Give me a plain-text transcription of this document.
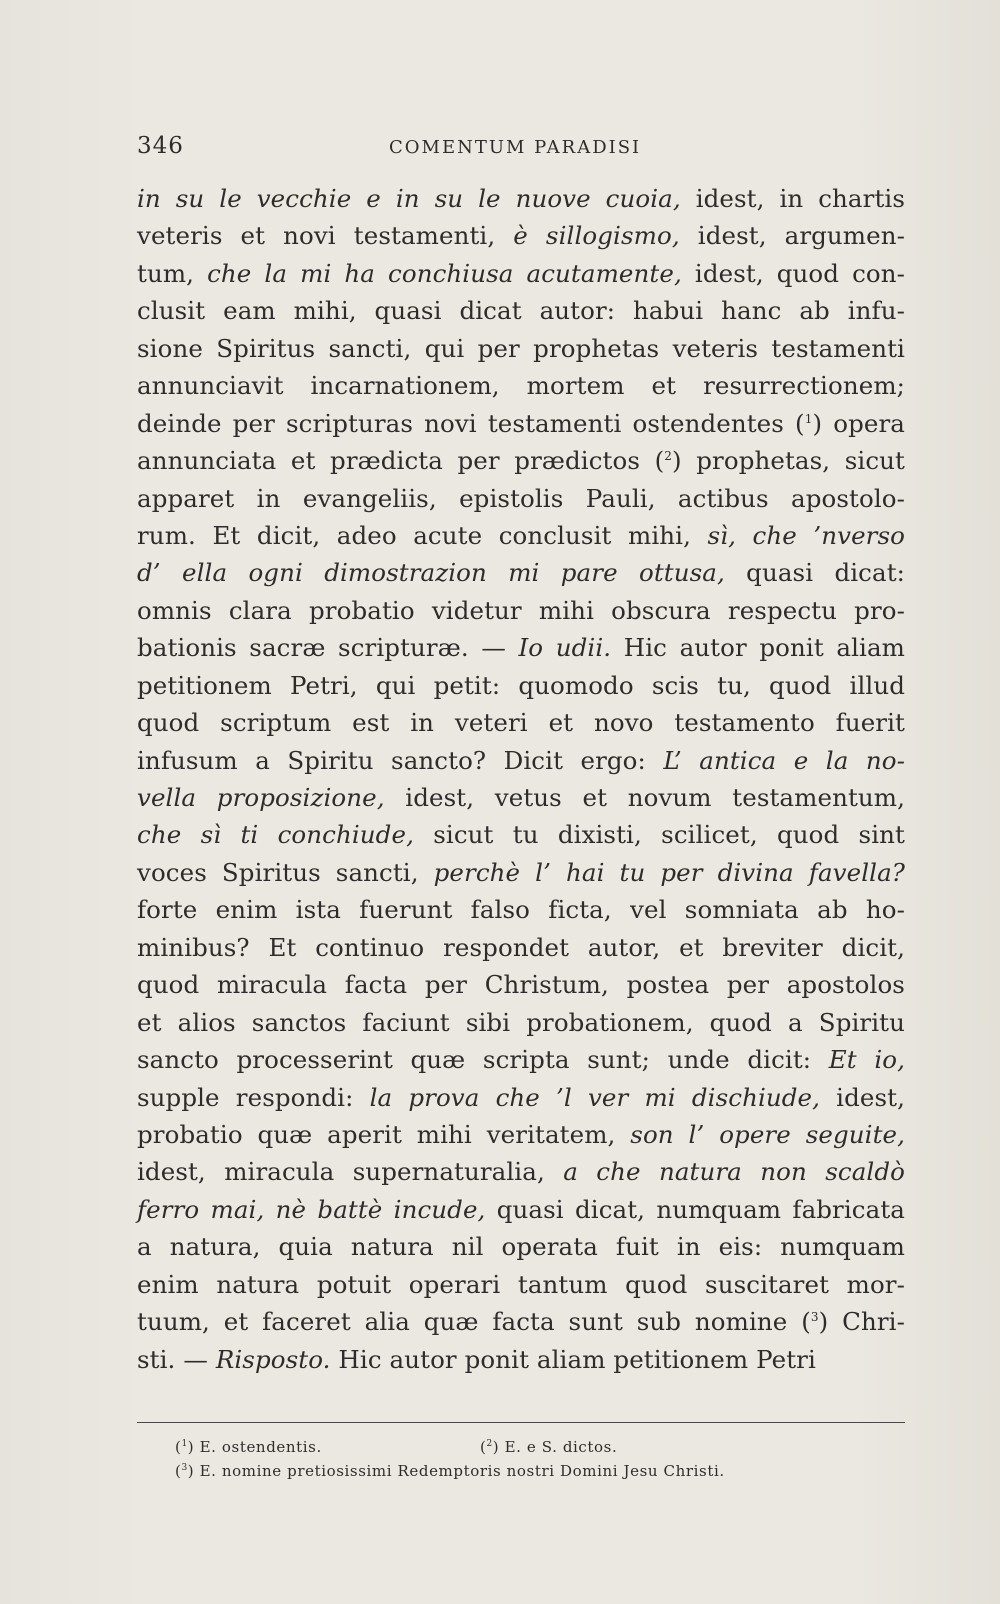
346	COMENTUM PARADISI
in su le vecchie e in su le nuove cuoia, idest, in chartis
veteris et novi testamenti, è sillogismo, idest, argumen-
tum, che la mi ha conchiusa acutamente, idest, quod con-
clusit eam mihi, quasi dicat autor: habui hanc ab infu-
sione Spiritus sancti, qui per prophetas veteris testamenti
annunciavit incarnationem, mortem et resurrectionem;
deinde per scripturas novi testamenti ostendentes ($^1$) opera
annunciata et prædicta per prædictos ($^2$) prophetas, sicut
apparet in evangeliis, epistolis Pauli, actibus apostolo-
rum. Et dicit, adeo acute conclusit mihi, sì, che ’nverso
d’ ella ogni dimostrazion mi pare ottusa, quasi dicat:
omnis clara probatio videtur mihi obscura respectu pro-
bationis sacræ scripturæ. — Io udii. Hic autor ponit aliam
petitionem Petri, qui petit: quomodo scis tu, quod illud
quod scriptum est in veteri et novo testamento fuerit
infusum a Spiritu sancto? Dicit ergo: L’ antica e la no-
vella proposizione, idest, vetus et novum testamentum,
che sì ti conchiude, sicut tu dixisti, scilicet, quod sint
voces Spiritus sancti, perchè l’ hai tu per divina favella?
forte enim ista fuerunt falso ficta, vel somniata ab ho-
minibus? Et continuo respondet autor, et breviter dicit,
quod miracula facta per Christum, postea per apostolos
et alios sanctos faciunt sibi probationem, quod a Spiritu
sancto processerint quæ scripta sunt; unde dicit: Et io,
supple respondi: la prova che ’l ver mi dischiude, idest,
probatio quæ aperit mihi veritatem, son l’ opere seguite,
idest, miracula supernaturalia, a che natura non scaldò
ferro mai, nè battè incude, quasi dicat, numquam fabricata
a natura, quia natura nil operata fuit in eis: numquam
enim natura potuit operari tantum quod suscitaret mor-
tuum, et faceret alia quæ facta sunt sub nomine ($^3$) Chri-
sti. — Risposto. Hic autor ponit aliam petitionem Petri
($^1$) E. ostendentis.	($^2$) E. e S. dictos.
($^3$) E. nomine pretiosissimi Redemptoris nostri Domini Jesu Christi.
